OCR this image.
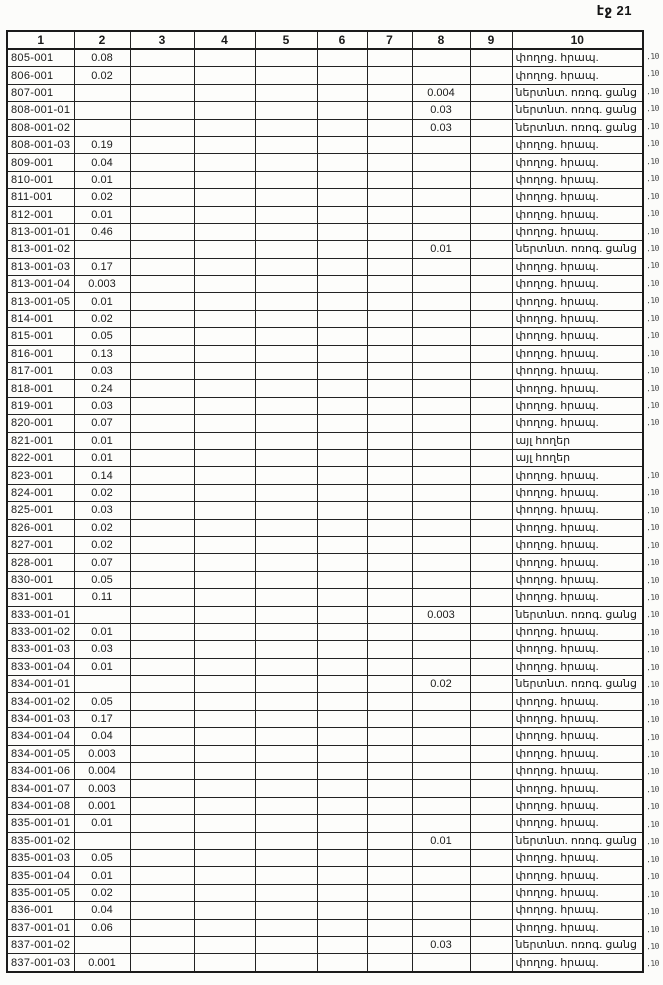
էջ 21
1	2	3	4	5	6	7	8	9	10
805-001	0.08								փողոց. հրապ.
806-001	0.02								փողոց. հրապ.
807-001							0.004		ներտնտ. ոռոգ. ցանց
808-001-01							0.03		ներտնտ. ոռոգ. ցանց
808-001-02							0.03		ներտնտ. ոռոգ. ցանց
808-001-03	0.19								փողոց. հրապ.
809-001	0.04								փողոց. հրապ.
810-001	0.01								փողոց. հրապ.
811-001	0.02								փողոց. հրապ.
812-001	0.01								փողոց. հրապ.
813-001-01	0.46								փողոց. հրապ.
813-001-02							0.01		ներտնտ. ոռոգ. ցանց
813-001-03	0.17								փողոց. հրապ.
813-001-04	0.003								փողոց. հրապ.
813-001-05	0.01								փողոց. հրապ.
814-001	0.02								փողոց. հրապ.
815-001	0.05								փողոց. հրապ.
816-001	0.13								փողոց. հրապ.
817-001	0.03								փողոց. հրապ.
818-001	0.24								փողոց. հրապ.
819-001	0.03								փողոց. հրապ.
820-001	0.07								փողոց. հրապ.
821-001	0.01								այլ հողեր
822-001	0.01								այլ հողեր
823-001	0.14								փողոց. հրապ.
824-001	0.02								փողոց. հրապ.
825-001	0.03								փողոց. հրապ.
826-001	0.02								փողոց. հրապ.
827-001	0.02								փողոց. հրապ.
828-001	0.07								փողոց. հրապ.
830-001	0.05								փողոց. հրապ.
831-001	0.11								փողոց. հրապ.
833-001-01							0.003		ներտնտ. ոռոգ. ցանց
833-001-02	0.01								փողոց. հրապ.
833-001-03	0.03								փողոց. հրապ.
833-001-04	0.01								փողոց. հրապ.
834-001-01							0.02		ներտնտ. ոռոգ. ցանց
834-001-02	0.05								փողոց. հրապ.
834-001-03	0.17								փողոց. հրապ.
834-001-04	0.04								փողոց. հրապ.
834-001-05	0.003								փողոց. հրապ.
834-001-06	0.004								փողոց. հրապ.
834-001-07	0.003								փողոց. հրապ.
834-001-08	0.001								փողոց. հրապ.
835-001-01	0.01								փողոց. հրապ.
835-001-02							0.01		ներտնտ. ոռոգ. ցանց
835-001-03	0.05								փողոց. հրապ.
835-001-04	0.01								փողոց. հրապ.
835-001-05	0.02								փողոց. հրապ.
836-001	0.04								փողոց. հրապ.
837-001-01	0.06								փողոց. հրապ.
837-001-02							0.03		ներտնտ. ոռոգ. ցանց
837-001-03	0.001								փողոց. հրապ.
.10
.10
.10
.10
.10
.10
.10
.10
.10
.10
.10
.10
.10
.10
.10
.10
.10
.10
.10
.10
.10
.10
.10
.10
.10
.10
.10
.10
.10
.10
.10
.10
.10
.10
.10
.10
.10
.10
.10
.10
.10
.10
.10
.10
.10
.10
.10
.10
.10
.10
.10
